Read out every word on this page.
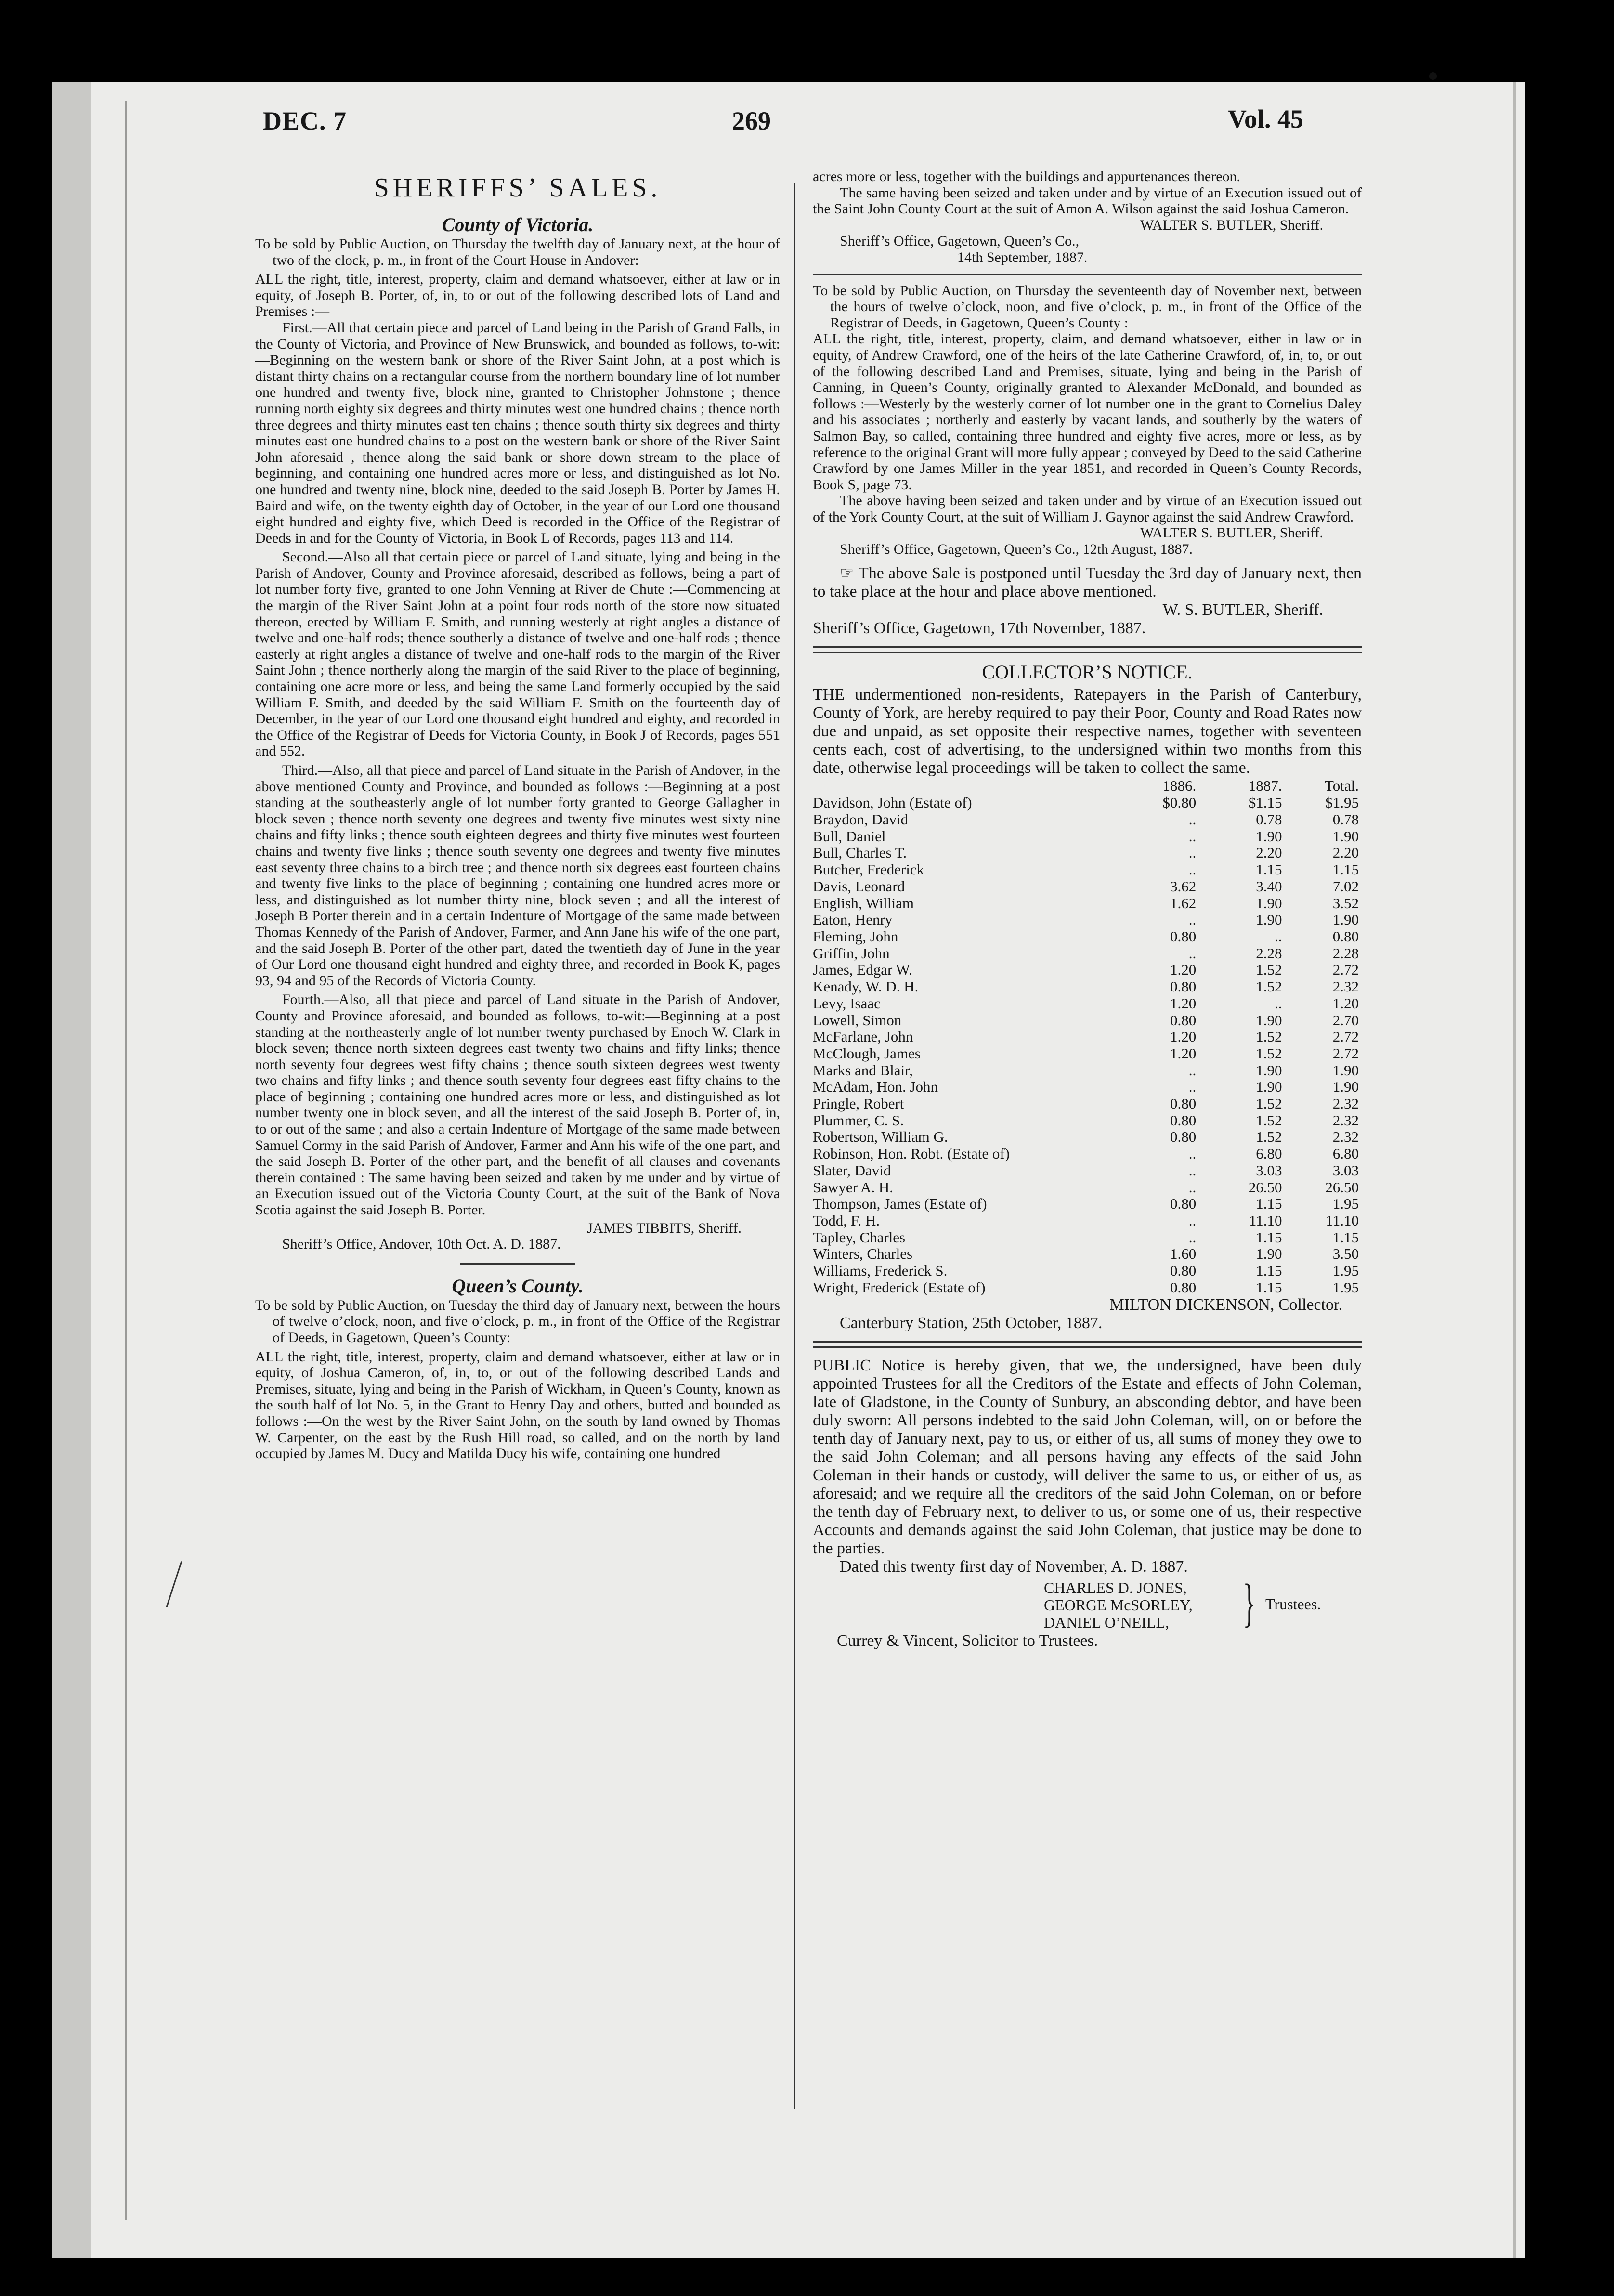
DEC. 7	269	Vol. 45

SHERIFFS’ SALES.

County of Victoria.

To be sold by Public Auction, on Thursday the twelfth day of January next, at the hour of two of the clock, p. m., in front of the Court House in Andover:

ALL the right, title, interest, property, claim and demand whatsoever, either at law or in equity, of Joseph B. Porter, of, in, to or out of the following described lots of Land and Premises :—

First.—All that certain piece and parcel of Land being in the Parish of Grand Falls, in the County of Victoria, and Province of New Brunswick, and bounded as follows, to-wit:—Beginning on the western bank or shore of the River Saint John, at a post which is distant thirty chains on a rectangular course from the northern boundary line of lot number one hundred and twenty five, block nine, granted to Christopher Johnstone ; thence running north eighty six degrees and thirty minutes west one hundred chains ; thence north three degrees and thirty minutes east ten chains ; thence south thirty six degrees and thirty minutes east one hundred chains to a post on the western bank or shore of the River Saint John aforesaid , thence along the said bank or shore down stream to the place of beginning, and containing one hundred acres more or less, and distinguished as lot No. one hundred and twenty nine, block nine, deeded to the said Joseph B. Porter by James H. Baird and wife, on the twenty eighth day of October, in the year of our Lord one thousand eight hundred and eighty five, which Deed is recorded in the Office of the Registrar of Deeds in and for the County of Victoria, in Book L of Records, pages 113 and 114.

Second.—Also all that certain piece or parcel of Land situate, lying and being in the Parish of Andover, County and Province aforesaid, described as follows, being a part of lot number forty five, granted to one John Venning at River de Chute :—Commencing at the margin of the River Saint John at a point four rods north of the store now situated thereon, erected by William F. Smith, and running westerly at right angles a distance of twelve and one-half rods; thence southerly a distance of twelve and one-half rods ; thence easterly at right angles a distance of twelve and one-half rods to the margin of the River Saint John ; thence northerly along the margin of the said River to the place of beginning, containing one acre more or less, and being the same Land formerly occupied by the said William F. Smith, and deeded by the said William F. Smith on the fourteenth day of December, in the year of our Lord one thousand eight hundred and eighty, and recorded in the Office of the Registrar of Deeds for Victoria County, in Book J of Records, pages 551 and 552.

Third.—Also, all that piece and parcel of Land situate in the Parish of Andover, in the above mentioned County and Province, and bounded as follows :—Beginning at a post standing at the southeasterly angle of lot number forty granted to George Gallagher in block seven ; thence north seventy one degrees and twenty five minutes west sixty nine chains and fifty links ; thence south eighteen degrees and thirty five minutes west fourteen chains and twenty five links ; thence south seventy one degrees and twenty five minutes east seventy three chains to a birch tree ; and thence north six degrees east fourteen chains and twenty five links to the place of beginning ; containing one hundred acres more or less, and distinguished as lot number thirty nine, block seven ; and all the interest of Joseph B Porter therein and in a certain Indenture of Mortgage of the same made between Thomas Kennedy of the Parish of Andover, Farmer, and Ann Jane his wife of the one part, and the said Joseph B. Porter of the other part, dated the twentieth day of June in the year of Our Lord one thousand eight hundred and eighty three, and recorded in Book K, pages 93, 94 and 95 of the Records of Victoria County.

Fourth.—Also, all that piece and parcel of Land situate in the Parish of Andover, County and Province aforesaid, and bounded as follows, to-wit:—Beginning at a post standing at the northeasterly angle of lot number twenty purchased by Enoch W. Clark in block seven; thence north sixteen degrees east twenty two chains and fifty links; thence north seventy four degrees west fifty chains ; thence south sixteen degrees west twenty two chains and fifty links ; and thence south seventy four degrees east fifty chains to the place of beginning ; containing one hundred acres more or less, and distinguished as lot number twenty one in block seven, and all the interest of the said Joseph B. Porter of, in, to or out of the same ; and also a certain Indenture of Mortgage of the same made between Samuel Cormy in the said Parish of Andover, Farmer and Ann his wife of the one part, and the said Joseph B. Porter of the other part, and the benefit of all clauses and covenants therein contained : The same having been seized and taken by me under and by virtue of an Execution issued out of the Victoria County Court, at the suit of the Bank of Nova Scotia against the said Joseph B. Porter.

JAMES TIBBITS, Sheriff.

Sheriff’s Office, Andover, 10th Oct. A. D. 1887.

Queen’s County.

To be sold by Public Auction, on Tuesday the third day of January next, between the hours of twelve o’clock, noon, and five o’clock, p. m., in front of the Office of the Registrar of Deeds, in Gagetown, Queen’s County:

ALL the right, title, interest, property, claim and demand whatsoever, either at law or in equity, of Joshua Cameron, of, in, to, or out of the following described Lands and Premises, situate, lying and being in the Parish of Wickham, in Queen’s County, known as the south half of lot No. 5, in the Grant to Henry Day and others, butted and bounded as follows :—On the west by the River Saint John, on the south by land owned by Thomas W. Carpenter, on the east by the Rush Hill road, so called, and on the north by land occupied by James M. Ducy and Matilda Ducy his wife, containing one hundred

acres more or less, together with the buildings and appurtenances thereon.

The same having been seized and taken under and by virtue of an Execution issued out of the Saint John County Court at the suit of Amon A. Wilson against the said Joshua Cameron.

WALTER S. BUTLER, Sheriff.

Sheriff’s Office, Gagetown, Queen’s Co.,

14th September, 1887.

To be sold by Public Auction, on Thursday the seventeenth day of November next, between the hours of twelve o’clock, noon, and five o’clock, p. m., in front of the Office of the Registrar of Deeds, in Gagetown, Queen’s County :

ALL the right, title, interest, property, claim, and demand whatsoever, either in law or in equity, of Andrew Crawford, one of the heirs of the late Catherine Crawford, of, in, to, or out of the following described Land and Premises, situate, lying and being in the Parish of Canning, in Queen’s County, originally granted to Alexander McDonald, and bounded as follows :—Westerly by the westerly corner of lot number one in the grant to Cornelius Daley and his associates ; northerly and easterly by vacant lands, and southerly by the waters of Salmon Bay, so called, containing three hundred and eighty five acres, more or less, as by reference to the original Grant will more fully appear ; conveyed by Deed to the said Catherine Crawford by one James Miller in the year 1851, and recorded in Queen’s County Records, Book S, page 73.

The above having been seized and taken under and by virtue of an Execution issued out of the York County Court, at the suit of William J. Gaynor against the said Andrew Crawford.

WALTER S. BUTLER, Sheriff.

Sheriff’s Office, Gagetown, Queen’s Co., 12th August, 1887.

☞ The above Sale is postponed until Tuesday the 3rd day of January next, then to take place at the hour and place above mentioned.

W. S. BUTLER, Sheriff.

Sheriff’s Office, Gagetown, 17th November, 1887.

COLLECTOR’S NOTICE.

THE undermentioned non-residents, Ratepayers in the Parish of Canterbury, County of York, are hereby required to pay their Poor, County and Road Rates now due and unpaid, as set opposite their respective names, together with seventeen cents each, cost of advertising, to the undersigned within two months from this date, otherwise legal proceedings will be taken to collect the same.

	1886.	1887.	Total.
Davidson, John (Estate of)	$0.80	$1.15	$1.95
Braydon, David	..	0.78	0.78
Bull, Daniel	..	1.90	1.90
Bull, Charles T.	..	2.20	2.20
Butcher, Frederick	..	1.15	1.15
Davis, Leonard	3.62	3.40	7.02
English, William	1.62	1.90	3.52
Eaton, Henry	..	1.90	1.90
Fleming, John	0.80	..	0.80
Griffin, John	..	2.28	2.28
James, Edgar W.	1.20	1.52	2.72
Kenady, W. D. H.	0.80	1.52	2.32
Levy, Isaac	1.20	..	1.20
Lowell, Simon	0.80	1.90	2.70
McFarlane, John	1.20	1.52	2.72
McClough, James	1.20	1.52	2.72
Marks and Blair,	..	1.90	1.90
McAdam, Hon. John	..	1.90	1.90
Pringle, Robert	0.80	1.52	2.32
Plummer, C. S.	0.80	1.52	2.32
Robertson, William G.	0.80	1.52	2.32
Robinson, Hon. Robt. (Estate of)	..	6.80	6.80
Slater, David	..	3.03	3.03
Sawyer A. H.	..	26.50	26.50
Thompson, James (Estate of)	0.80	1.15	1.95
Todd, F. H.	..	11.10	11.10
Tapley, Charles	..	1.15	1.15
Winters, Charles	1.60	1.90	3.50
Williams, Frederick S.	0.80	1.15	1.95
Wright, Frederick (Estate of)	0.80	1.15	1.95

MILTON DICKENSON, Collector.

Canterbury Station, 25th October, 1887.

PUBLIC Notice is hereby given, that we, the undersigned, have been duly appointed Trustees for all the Creditors of the Estate and effects of John Coleman, late of Gladstone, in the County of Sunbury, an absconding debtor, and have been duly sworn: All persons indebted to the said John Coleman, will, on or before the tenth day of January next, pay to us, or either of us, all sums of money they owe to the said John Coleman; and all persons having any effects of the said John Coleman in their hands or custody, will deliver the same to us, or either of us, as aforesaid; and we require all the creditors of the said John Coleman, on or before the tenth day of February next, to deliver to us, or some one of us, their respective Accounts and demands against the said John Coleman, that justice may be done to the parties.

Dated this twenty first day of November, A. D. 1887.

CHARLES D. JONES,
GEORGE McSORLEY,
DANIEL O’NEILL,	} Trustees.

Currey & Vincent, Solicitor to Trustees.
